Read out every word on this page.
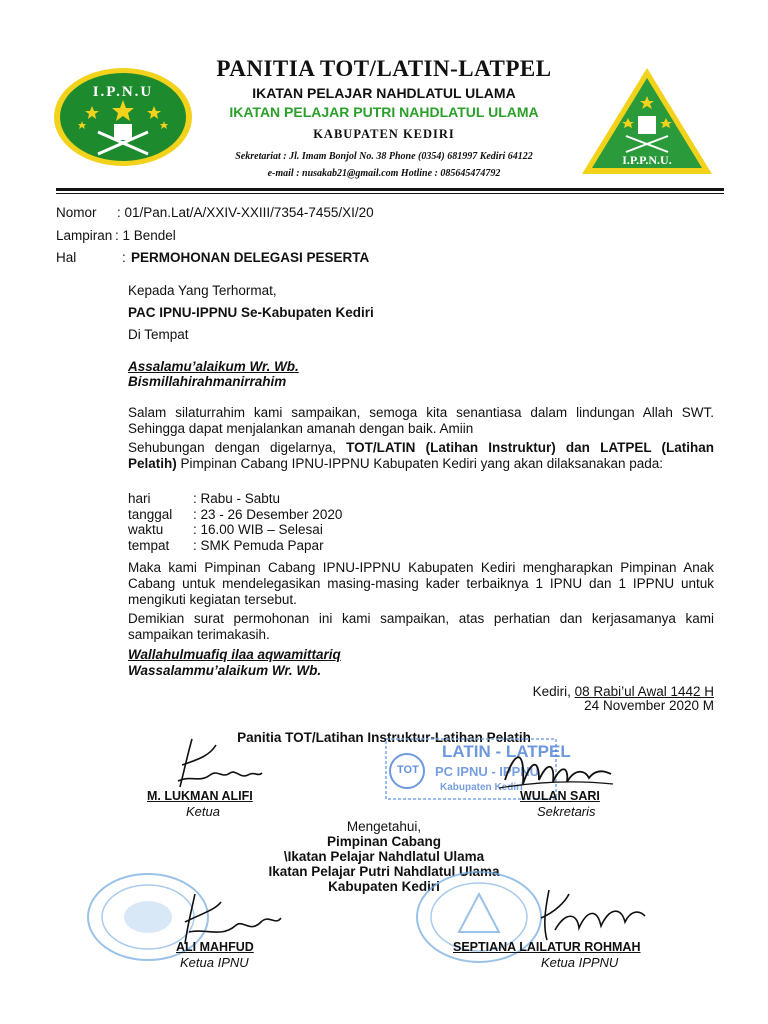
I.P.N.U
I.P.P.N.U.
PANITIA TOT/LATIN-LATPEL
IKATAN PELAJAR NAHDLATUL ULAMA
IKATAN PELAJAR PUTRI NAHDLATUL ULAMA
KABUPATEN KEDIRI
Sekretariat : Jl. Imam Bonjol No. 38 Phone (0354) 681997 Kediri 64122
e-mail : nusakab21@gmail.com Hotline : 085645474792
Nomor : 01/Pan.Lat/A/XXIV-XXIII/7354-7455/XI/20
Lampiran : 1 Bendel
Hal	: PERMOHONAN DELEGASI PESERTA
Kepada Yang Terhormat,
PAC IPNU-IPPNU Se-Kabupaten Kediri
Di Tempat
Assalamu’alaikum Wr. Wb.
Bismillahirahmanirrahim
Salam silaturrahim kami sampaikan, semoga kita senantiasa dalam lindungan Allah SWT. Sehingga dapat menjalankan amanah dengan baik. Amiin
Sehubungan dengan digelarnya, TOT/LATIN (Latihan Instruktur) dan LATPEL (Latihan Pelatih) Pimpinan Cabang IPNU-IPPNU Kabupaten Kediri yang akan dilaksanakan pada:
hari	: Rabu - Sabtu
tanggal : 23 - 26 Desember 2020
waktu : 16.00 WIB – Selesai
tempat : SMK Pemuda Papar
Maka kami Pimpinan Cabang IPNU-IPPNU Kabupaten Kediri mengharapkan Pimpinan Anak Cabang untuk mendelegasikan masing-masing kader terbaiknya 1 IPNU dan 1 IPPNU untuk mengikuti kegiatan tersebut.
Demikian surat permohonan ini kami sampaikan, atas perhatian dan kerjasamanya kami sampaikan terimakasih.
Wallahulmuafiq ilaa aqwamittariq
Wassalammu’alaikum Wr. Wb.
Kediri, 08 Rabi’ul Awal 1442 H
24 November 2020 M
Panitia TOT/Latihan Instruktur-Latihan Pelatih
TOT
LATIN - LATPEL
PC IPNU - IPPNU
Kabupaten Kediri
M. LUKMAN ALIFI
Ketua
WULAN SARI
Sekretaris
Mengetahui,
Pimpinan Cabang
\Ikatan Pelajar Nahdlatul Ulama
Ikatan Pelajar Putri Nahdlatul Ulama
Kabupaten Kediri
ALI MAHFUD
Ketua IPNU
SEPTIANA LAILATUR ROHMAH
Ketua IPPNU
